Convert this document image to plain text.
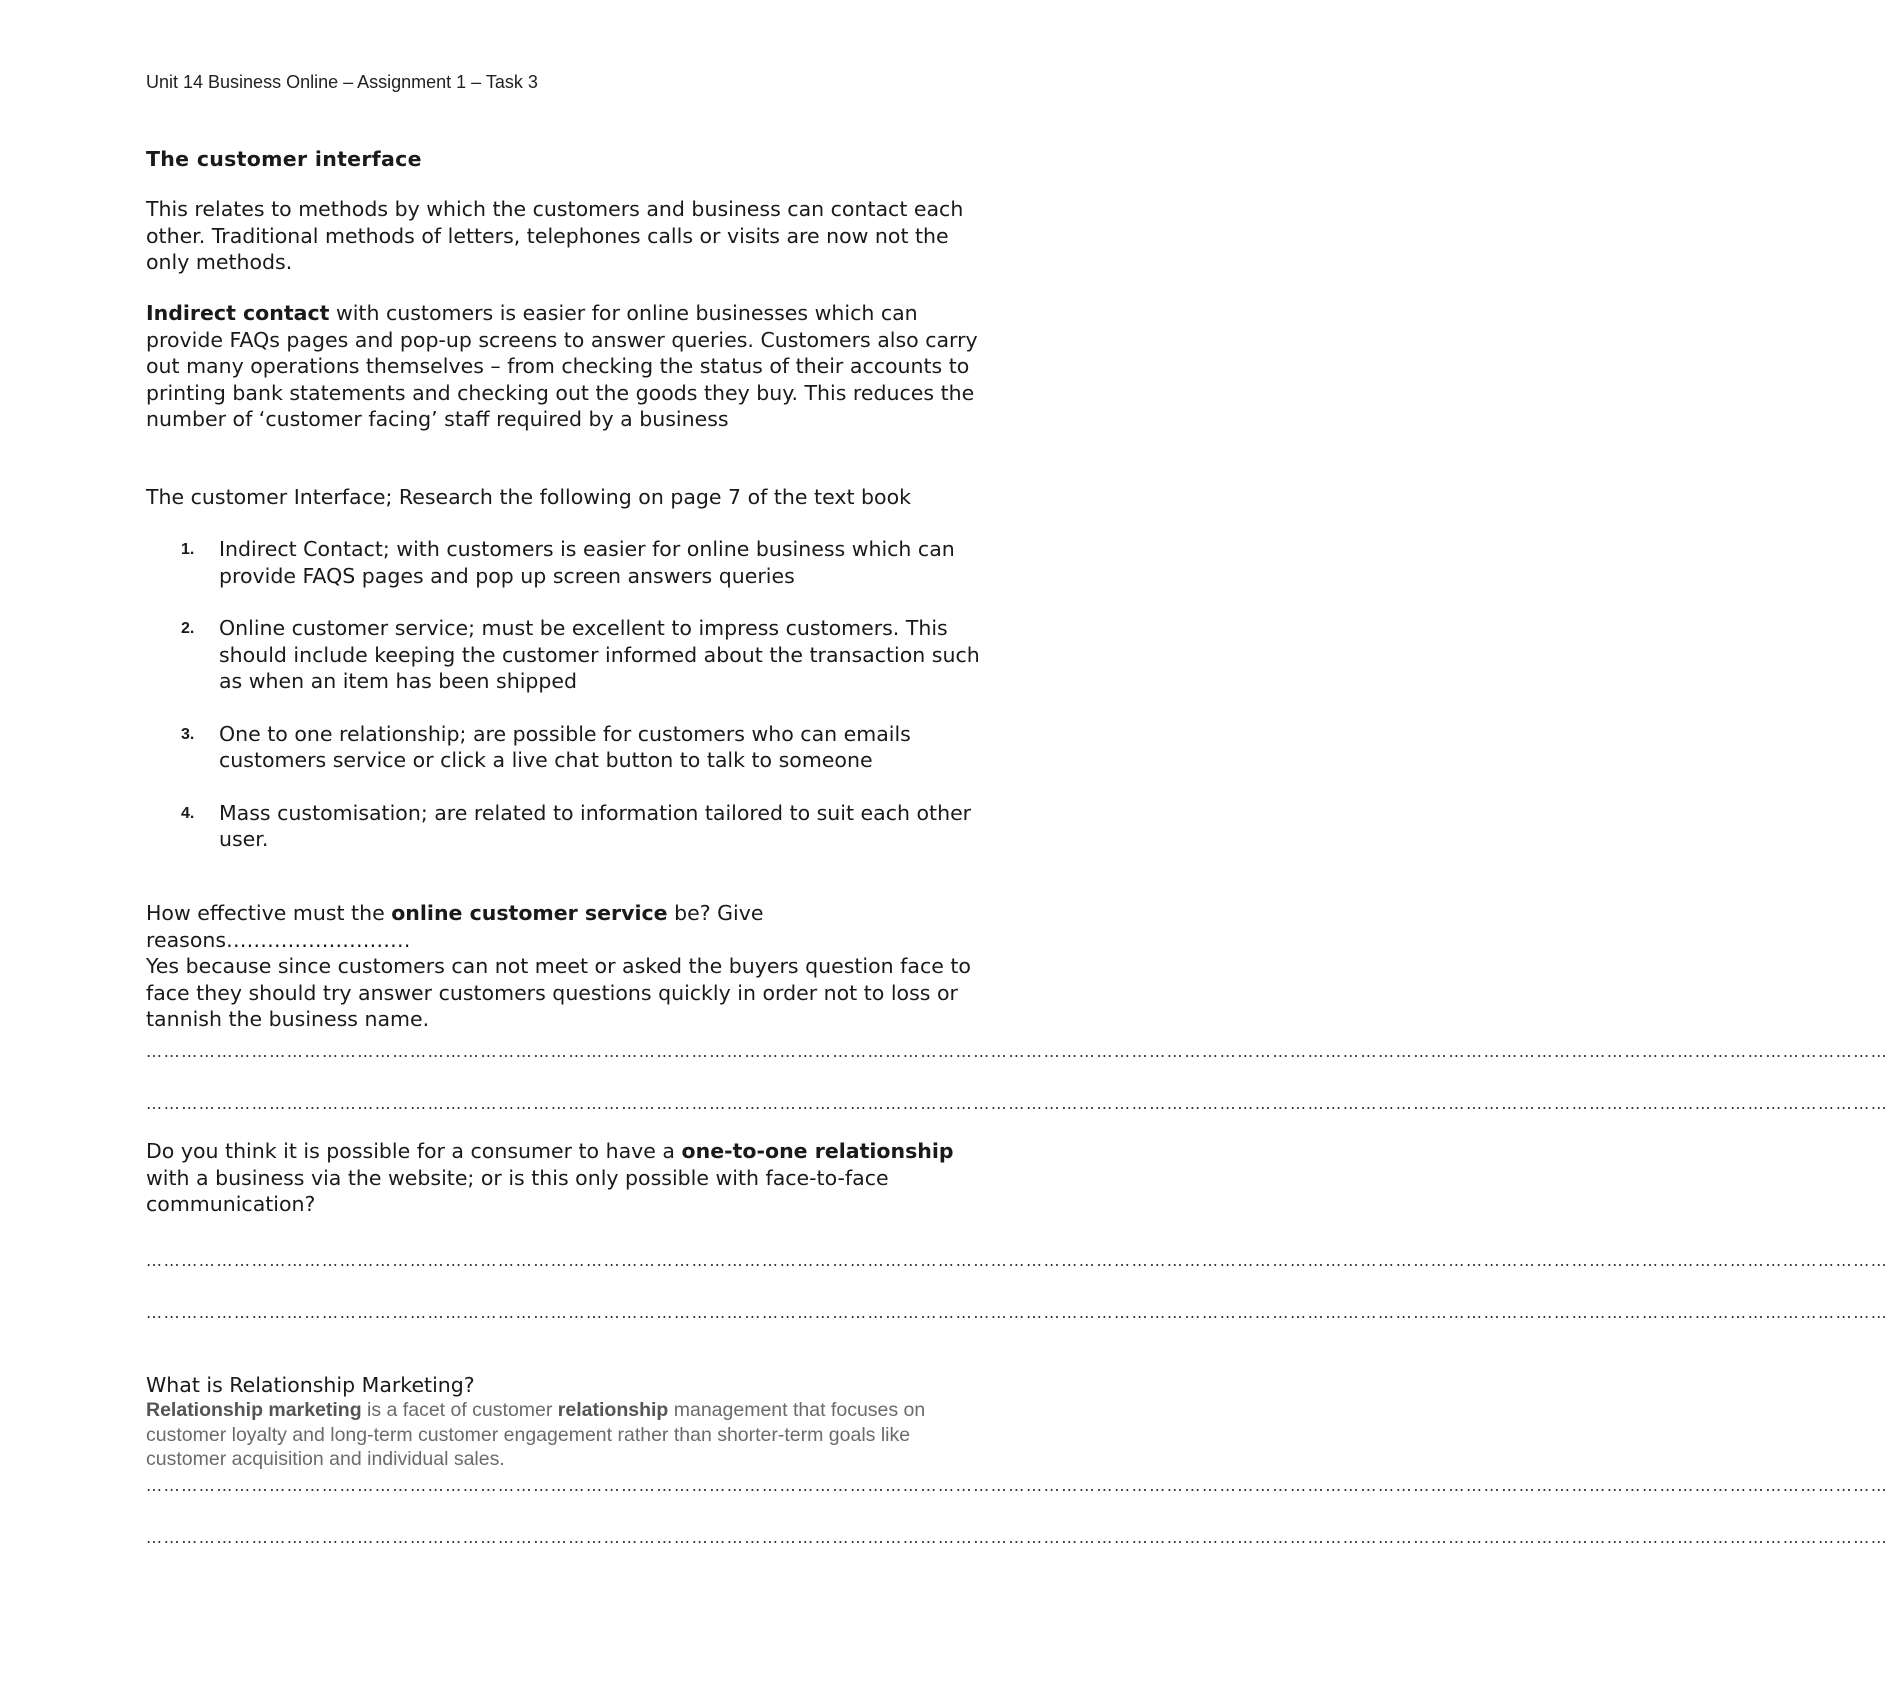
Unit 14 Business Online – Assignment 1 – Task 3
The customer interface
This relates to methods by which the customers and business can contact each
other. Traditional methods of letters, telephones calls or visits are now not the
only methods.
Indirect contact with customers is easier for online businesses which can
provide FAQs pages and pop-up screens to answer queries. Customers also carry
out many operations themselves – from checking the status of their accounts to
printing bank statements and checking out the goods they buy. This reduces the
number of ‘customer facing’ staff required by a business
The customer Interface; Research the following on page 7 of the text book
1. Indirect Contact; with customers is easier for online business which can
provide FAQS pages and pop up screen answers queries
2. Online customer service; must be excellent to impress customers. This
should include keeping the customer informed about the transaction such
as when an item has been shipped
3. One to one relationship; are possible for customers who can emails
customers service or click a live chat button to talk to someone
4. Mass customisation; are related to information tailored to suit each other
user.
How effective must the online customer service be? Give
reasons………………………
Yes because since customers can not meet or asked the buyers question face to
face they should try answer customers questions quickly in order not to loss or
tannish the business name.
………………………………………………………………………………………………………………………………………………………………………………………………………………………………………………………………………
………………………………………………………………………………………………………………………………………………………………………………………………………………………………………………………………………
Do you think it is possible for a consumer to have a one-to-one relationship
with a business via the website; or is this only possible with face-to-face
communication?
………………………………………………………………………………………………………………………………………………………………………………………………………………………………………………………………………
………………………………………………………………………………………………………………………………………………………………………………………………………………………………………………………………………
What is Relationship Marketing?
Relationship marketing is a facet of customer relationship management that focuses on
customer loyalty and long-term customer engagement rather than shorter-term goals like
customer acquisition and individual sales.
………………………………………………………………………………………………………………………………………………………………………………………………………………………………………………………………………
………………………………………………………………………………………………………………………………………………………………………………………………………………………………………………………………………
